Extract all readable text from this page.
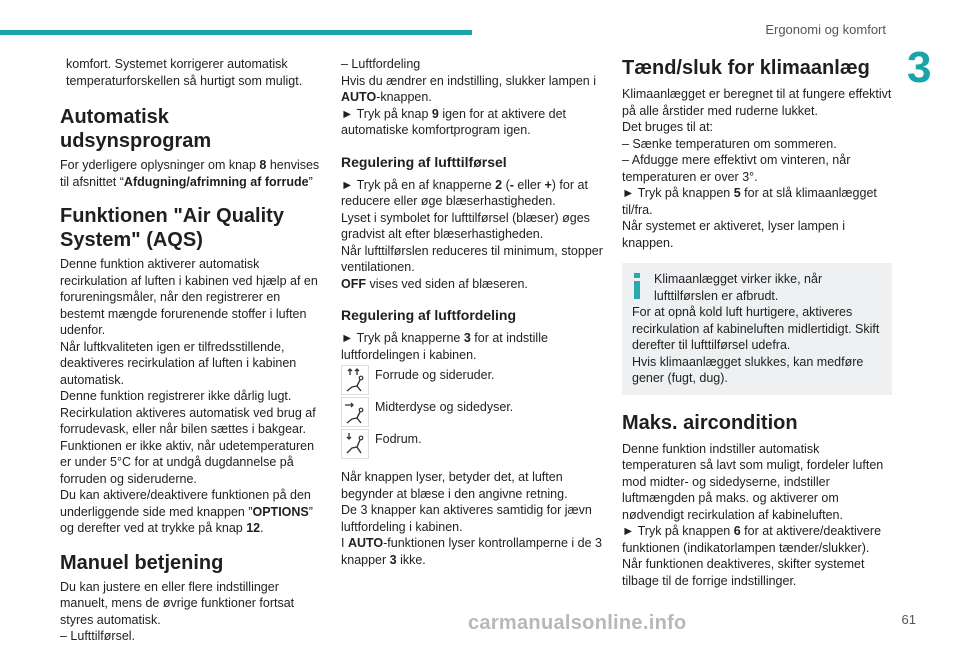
Ergonomi og komfort
3

komfort. Systemet korrigerer automatisk temperaturforskellen så hurtigt som muligt.

Automatisk udsynsprogram

For yderligere oplysninger om knap 8 henvises til afsnittet “Afdugning/afrimning af forrude”

Funktionen "Air Quality System" (AQS)

Denne funktion aktiverer automatisk recirkulation af luften i kabinen ved hjælp af en forureningsmåler, når den registrerer en bestemt mængde forurenende stoffer i luften udenfor.

Når luftkvaliteten igen er tilfredsstillende, deaktiveres recirkulation af luften i kabinen automatisk.

Denne funktion registrerer ikke dårlig lugt.

Recirkulation aktiveres automatisk ved brug af forrudevask, eller når bilen sættes i bakgear.

Funktionen er ikke aktiv, når udetemperaturen er under 5°C for at undgå dugdannelse på forruden og sideruderne.

Du kan aktivere/deaktivere funktionen på den underliggende side med knappen ”OPTIONS” og derefter ved at trykke på knap 12.

Manuel betjening

Du kan justere en eller flere indstillinger manuelt, mens de øvrige funktioner fortsat styres automatisk.

– Lufttilførsel.

– Luftfordeling

Hvis du ændrer en indstilling, slukker lampen i AUTO-knappen.

► Tryk på knap 9 igen for at aktivere det automatiske komfortprogram igen.

Regulering af lufttilførsel

► Tryk på en af knapperne 2 (- eller +) for at reducere eller øge blæserhastigheden.

Lyset i symbolet for lufttilførsel (blæser) øges gradvist alt efter blæserhastigheden.

Når lufttilførslen reduceres til minimum, stopper ventilationen.

OFF vises ved siden af blæseren.

Regulering af luftfordeling

► Tryk på knapperne 3 for at indstille luftfordelingen i kabinen.

Forrude og sideruder.
Midterdyse og sidedyser.
Fodrum.

Når knappen lyser, betyder det, at luften begynder at blæse i den angivne retning.

De 3 knapper kan aktiveres samtidig for jævn luftfordeling i kabinen.

I AUTO-funktionen lyser kontrollamperne i de 3 knapper 3 ikke.

Tænd/sluk for klimaanlæg

Klimaanlægget er beregnet til at fungere effektivt på alle årstider med ruderne lukket.

Det bruges til at:

– Sænke temperaturen om sommeren.

– Afdugge mere effektivt om vinteren, når temperaturen er over 3°.

► Tryk på knappen 5 for at slå klimaanlægget til/fra.

Når systemet er aktiveret, lyser lampen i knappen.

Klimaanlægget virker ikke, når lufttilførslen er afbrudt.

For at opnå kold luft hurtigere, aktiveres recirkulation af kabineluften midlertidigt. Skift derefter til lufttilførsel udefra.

Hvis klimaanlægget slukkes, kan medføre gener (fugt, dug).

Maks. aircondition

Denne funktion indstiller automatisk temperaturen så lavt som muligt, fordeler luften mod midter- og sidedyserne, indstiller luftmængden på maks. og aktiverer om nødvendigt recirkulation af kabineluften.

► Tryk på knappen 6 for at aktivere/deaktivere funktionen (indikatorlampen tænder/slukker).

Når funktionen deaktiveres, skifter systemet tilbage til de forrige indstillinger.

carmanualsonline.info	61
